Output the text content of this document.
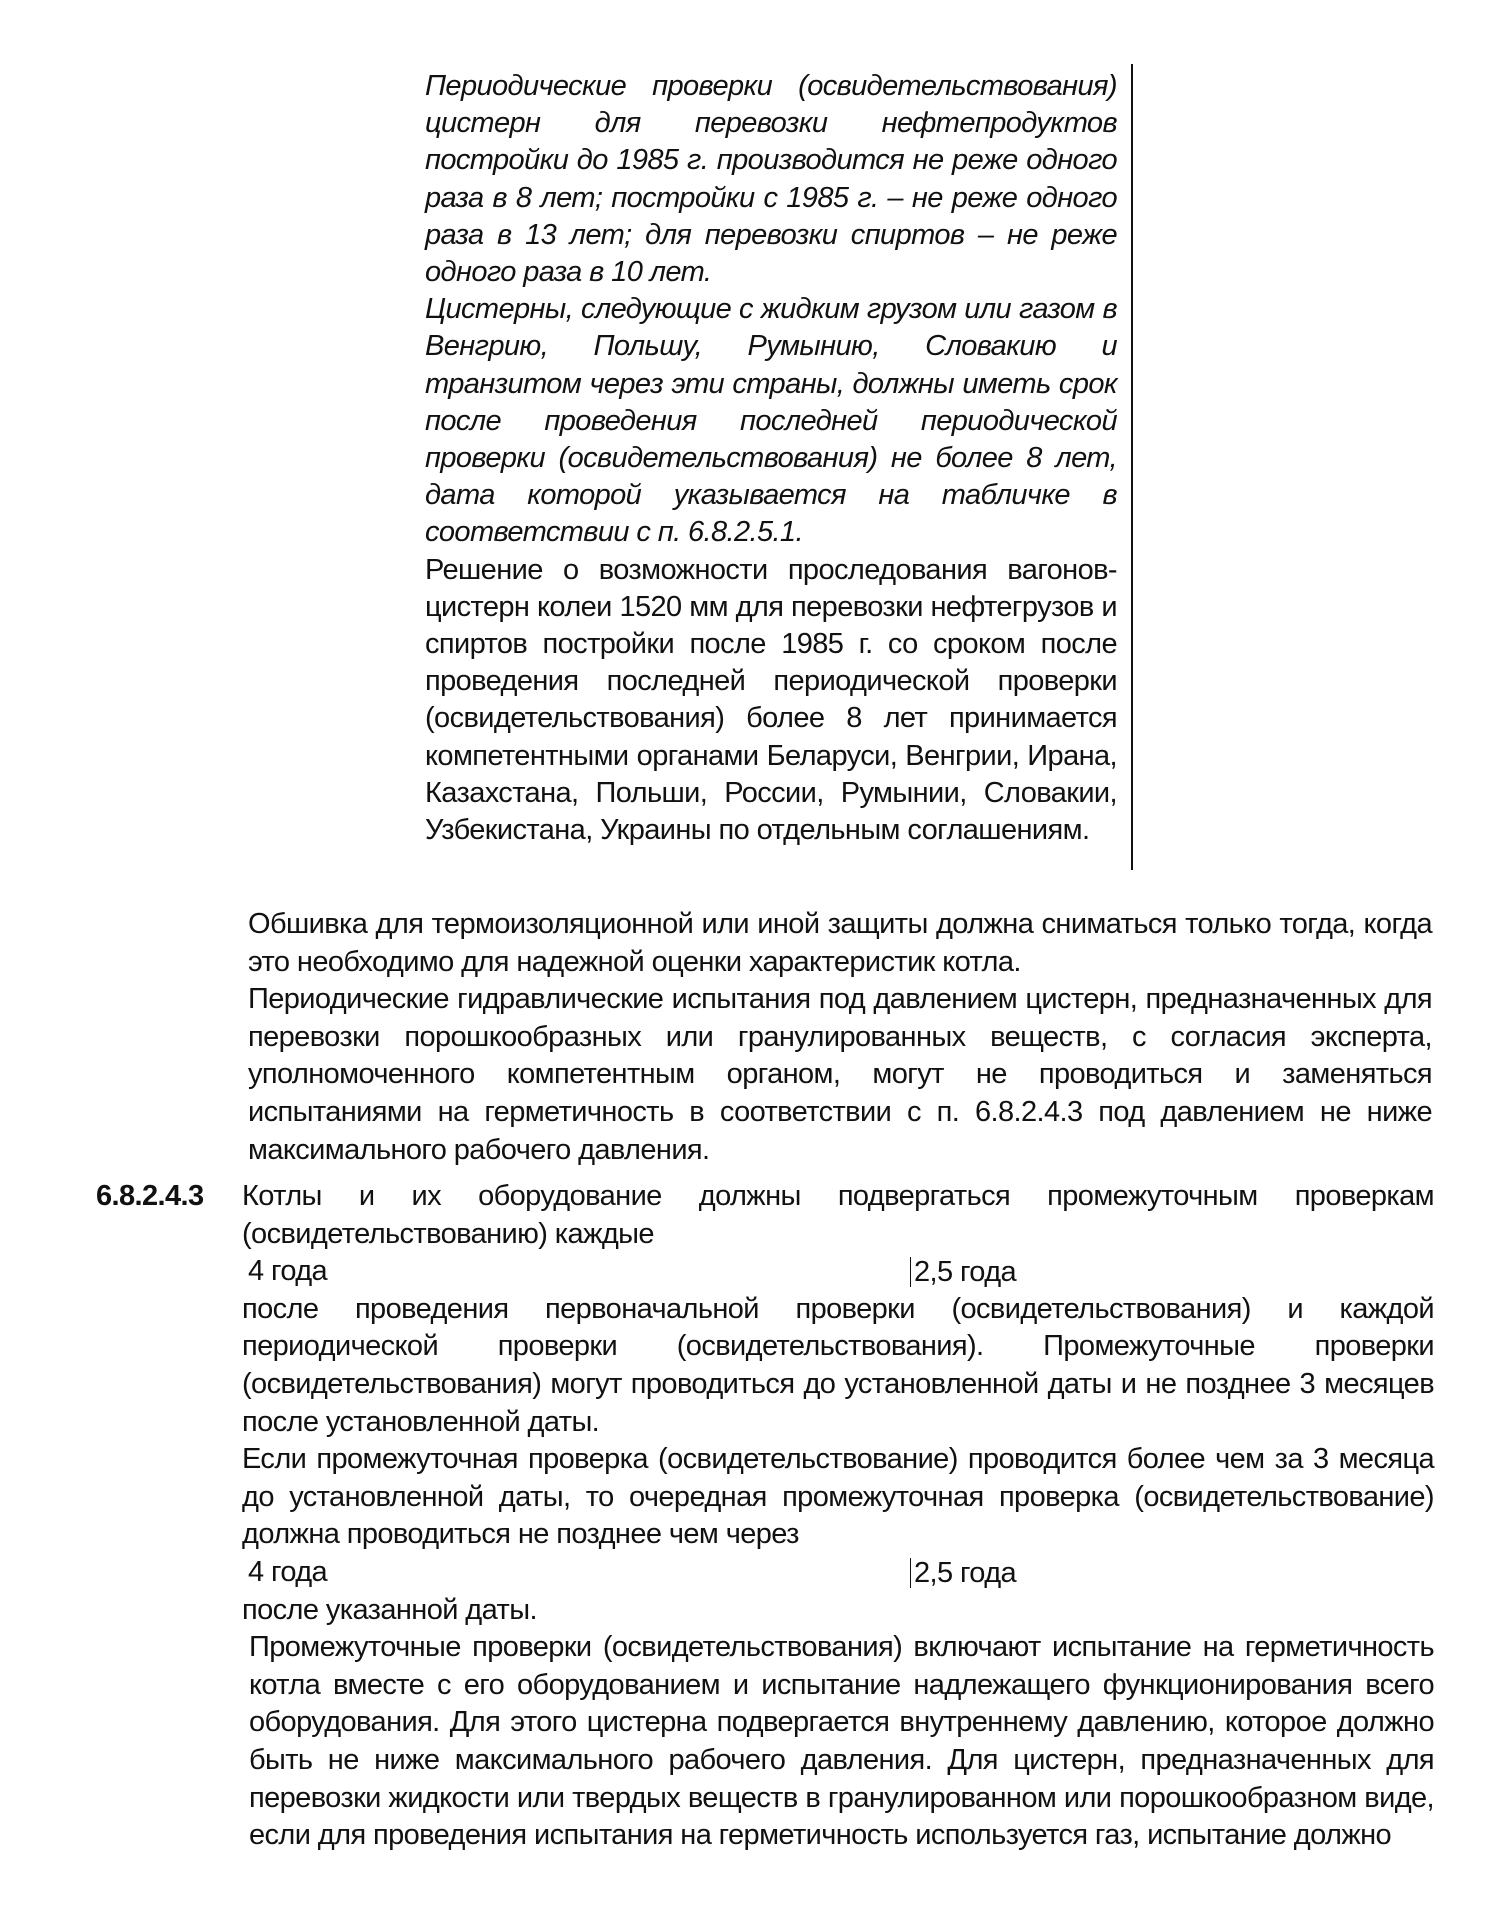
Периодические проверки (освидетельствования) цистерн для перевозки нефтепродуктов постройки до 1985 г. производится не реже одного раза в 8 лет; постройки с 1985 г. – не реже одного раза в 13 лет; для перевозки спиртов – не реже одного раза в 10 лет.

Цистерны, следующие с жидким грузом или газом в Венгрию, Польшу, Румынию, Словакию и транзитом через эти страны, должны иметь срок после проведения последней периодической проверки (освидетельствования) не более 8 лет, дата которой указывается на табличке в соответствии с п. 6.8.2.5.1.

Решение о возможности проследования вагонов-цистерн колеи 1520 мм для перевозки нефтегрузов и спиртов постройки после 1985 г. со сроком после проведения последней периодической проверки (освидетельствования) более 8 лет принимается компетентными органами Беларуси, Венгрии, Ирана, Казахстана, Польши, России, Румынии, Словакии, Узбекистана, Украины по отдельным соглашениям.

Обшивка для термоизоляционной или иной защиты должна сниматься только тогда, когда это необходимо для надежной оценки характеристик котла.

Периодические гидравлические испытания под давлением цистерн, предназначенных для перевозки порошкообразных или гранулированных веществ, с согласия эксперта, уполномоченного компетентным органом, могут не проводиться и заменяться испытаниями на герметичность в соответствии с п. 6.8.2.4.3 под давлением не ниже максимального рабочего давления.

6.8.2.4.3 Котлы и их оборудование должны подвергаться промежуточным проверкам (освидетельствованию) каждые

4 года	2,5 года

после проведения первоначальной проверки (освидетельствования) и каждой периодической проверки (освидетельствования). Промежуточные проверки (освидетельствования) могут проводиться до установленной даты и не позднее 3 месяцев после установленной даты.

Если промежуточная проверка (освидетельствование) проводится более чем за 3 месяца до установленной даты, то очередная промежуточная проверка (освидетельствование) должна проводиться не позднее чем через

4 года	2,5 года

после указанной даты.

Промежуточные проверки (освидетельствования) включают испытание на герметичность котла вместе с его оборудованием и испытание надлежащего функционирования всего оборудования. Для этого цистерна подвергается внутреннему давлению, которое должно быть не ниже максимального рабочего давления. Для цистерн, предназначенных для перевозки жидкости или твердых веществ в гранулированном или порошкообразном виде, если для проведения испытания на герметичность используется газ, испытание должно
